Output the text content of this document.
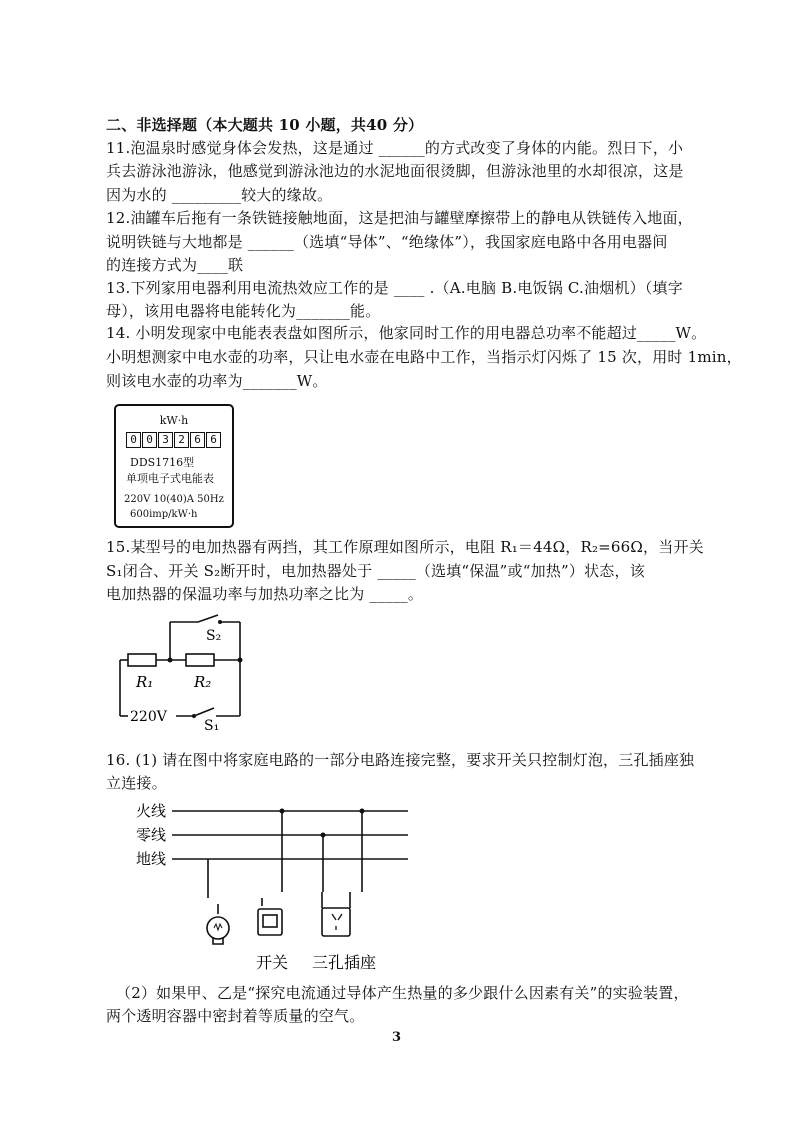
二、非选择题（本大题共 10 小题，共40 分）
11.泡温泉时感觉身体会发热，这是通过 ______的方式改变了身体的内能。烈日下，小
兵去游泳池游泳，他感觉到游泳池边的水泥地面很烫脚，但游泳池里的水却很凉，这是
因为水的 _________较大的缘故。
12.油罐车后拖有一条铁链接触地面，这是把油与罐壁摩擦带上的静电从铁链传入地面，
说明铁链与大地都是 ______（选填“导体”、“绝缘体”），我国家庭电路中各用电器间
的连接方式为____联
13.下列家用电器利用电流热效应工作的是 ____ .（A.电脑 B.电饭锅 C.油烟机）（填字
母），该用电器将电能转化为_______能。
14. 小明发现家中电能表表盘如图所示，他家同时工作的用电器总功率不能超过_____W。
小明想测家中电水壶的功率，只让电水壶在电路中工作，当指示灯闪烁了 15 次，用时 1min，
则该电水壶的功率为_______W。
kW·h
0 0 3 2 6 6
DDS1716型
单项电子式电能表
220V 10(40)A 50Hz
600imp/kW·h
15.某型号的电加热器有两挡，其工作原理如图所示，电阻 R₁＝44Ω，R₂=66Ω，当开关
S₁闭合、开关 S₂断开时，电加热器处于 _____（选填“保温”或“加热”）状态，该
电加热器的保温功率与加热功率之比为 _____。
S₂
R₁	R₂
220V
S₁
16. (1) 请在图中将家庭电路的一部分电路连接完整，要求开关只控制灯泡，三孔插座独
立连接。
火线
零线
地线
开关 三孔插座
（2）如果甲、乙是“探究电流通过导体产生热量的多少跟什么因素有关”的实验装置，
两个透明容器中密封着等质量的空气。
3
